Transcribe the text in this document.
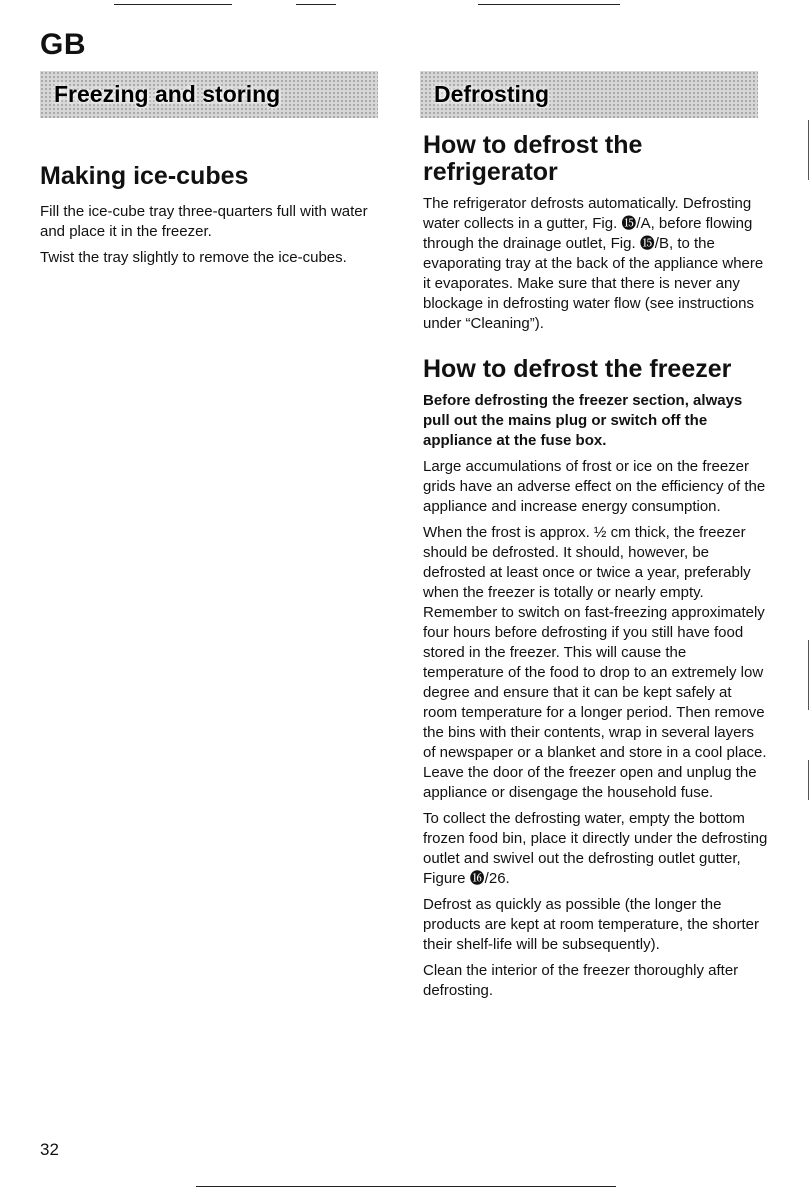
GB
Freezing and storing	Defrosting
Making ice-cubes

Fill the ice-cube tray three-quarters full with water and place it in the freezer.

Twist the tray slightly to remove the ice-cubes.

How to defrost the refrigerator

The refrigerator defrosts automatically. Defrosting water collects in a gutter, Fig. ⓯/A, before flowing through the drainage outlet, Fig. ⓯/B, to the evaporating tray at the back of the appliance where it evaporates. Make sure that there is never any blockage in defrosting water flow (see instructions under “Cleaning”).

How to defrost the freezer

Before defrosting the freezer section, always pull out the mains plug or switch off the appliance at the fuse box.

Large accumulations of frost or ice on the freezer grids have an adverse effect on the efficiency of the appliance and increase energy consumption.

When the frost is approx. ½ cm thick, the freezer should be defrosted. It should, however, be defrosted at least once or twice a year, preferably when the freezer is totally or nearly empty. Remember to switch on fast-freezing approximately four hours before defrosting if you still have food stored in the freezer. This will cause the temperature of the food to drop to an extremely low degree and ensure that it can be kept safely at room temperature for a longer period. Then remove the bins with their contents, wrap in several layers of newspaper or a blanket and store in a cool place. Leave the door of the freezer open and unplug the appliance or disengage the household fuse.

To collect the defrosting water, empty the bottom frozen food bin, place it directly under the defrosting outlet and swivel out the defrosting outlet gutter, Figure ⓰/26.

Defrost as quickly as possible (the longer the products are kept at room temperature, the shorter their shelf-life will be subsequently).

Clean the interior of the freezer thoroughly after defrosting.

32
